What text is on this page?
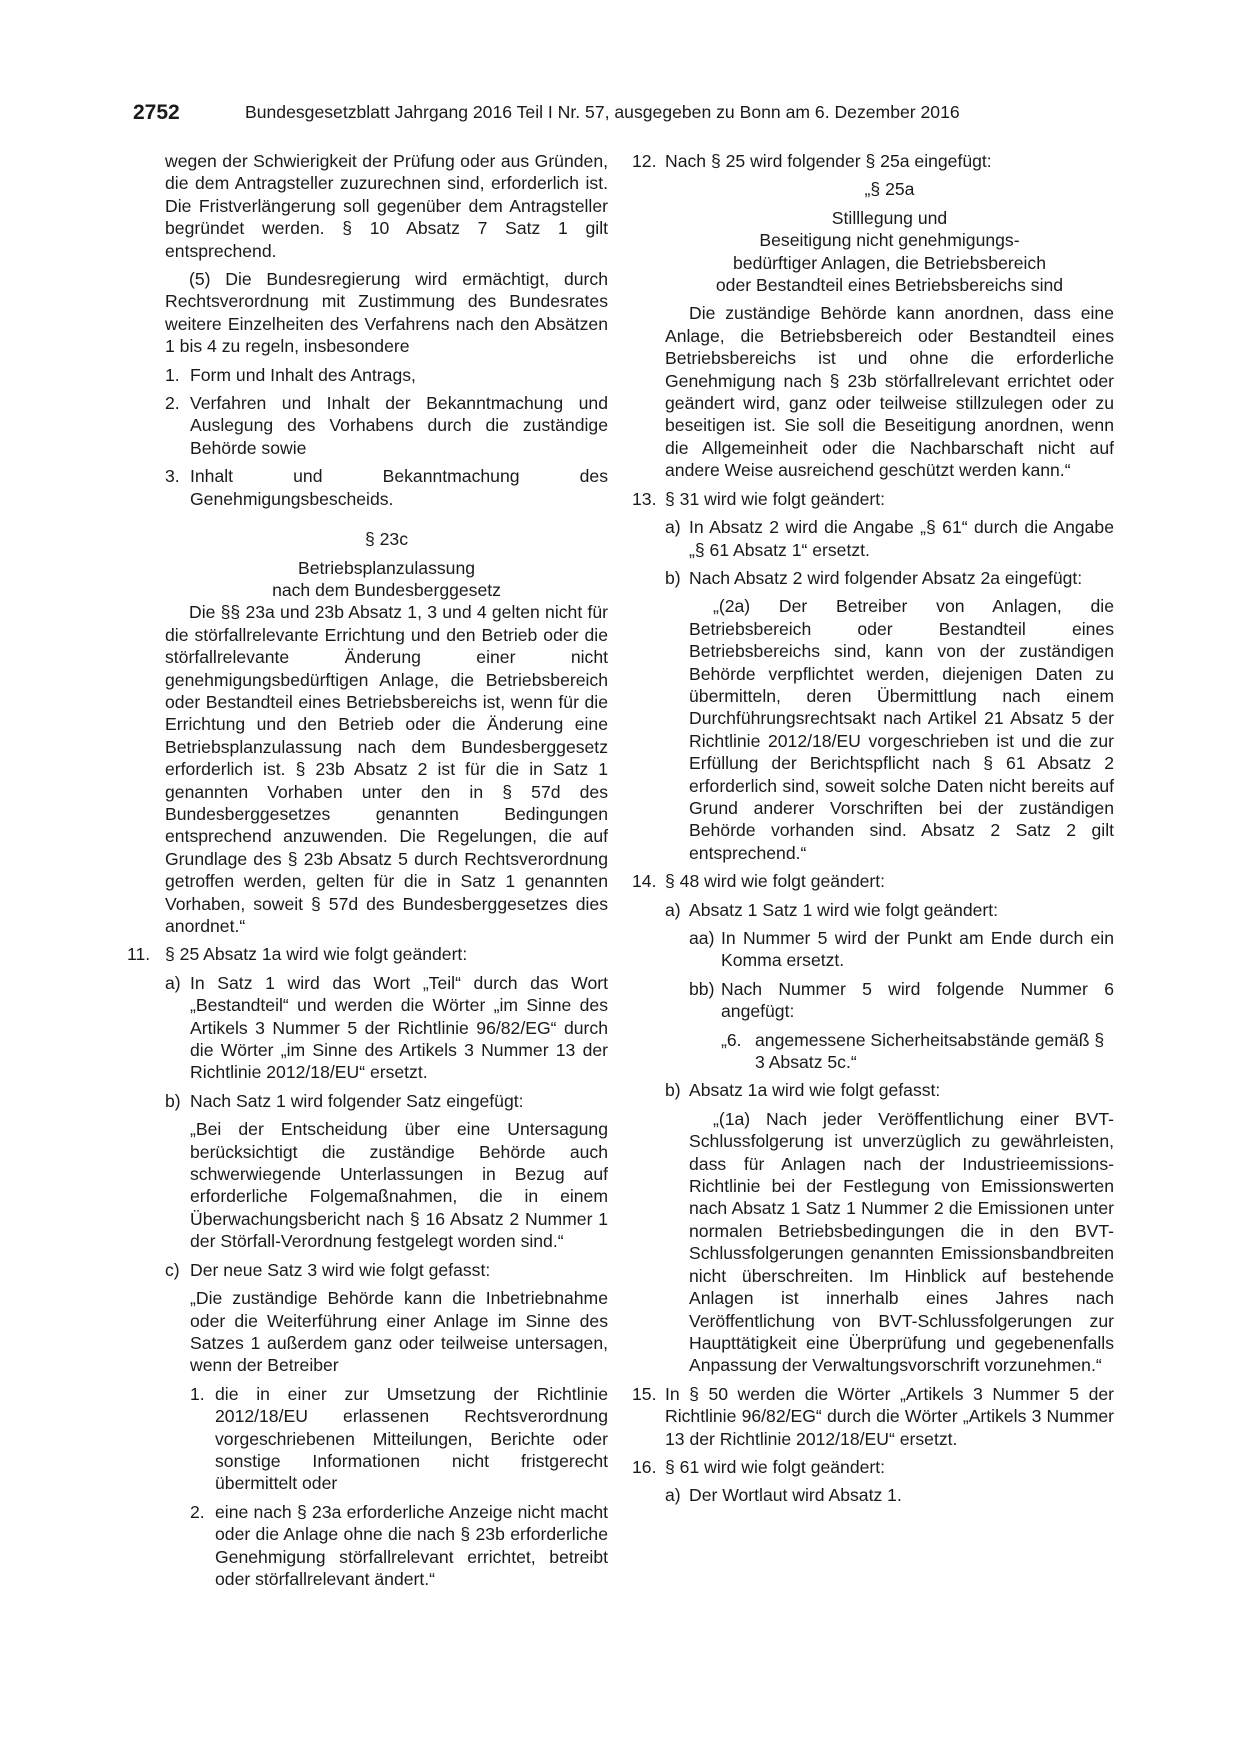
2752	Bundesgesetzblatt Jahrgang 2016 Teil I Nr. 57, ausgegeben zu Bonn am 6. Dezember 2016

wegen der Schwierigkeit der Prüfung oder aus Gründen, die dem Antragsteller zuzurechnen sind, erforderlich ist. Die Fristverlängerung soll gegenüber dem Antragsteller begründet werden. § 10 Absatz 7 Satz 1 gilt entsprechend.

(5) Die Bundesregierung wird ermächtigt, durch Rechtsverordnung mit Zustimmung des Bundesrates weitere Einzelheiten des Verfahrens nach den Absätzen 1 bis 4 zu regeln, insbesondere

1. Form und Inhalt des Antrags,

2. Verfahren und Inhalt der Bekanntmachung und Auslegung des Vorhabens durch die zuständige Behörde sowie

3. Inhalt und Bekanntmachung des Genehmigungsbescheids.

§ 23c

Betriebsplanzulassung

nach dem Bundesberggesetz

Die §§ 23a und 23b Absatz 1, 3 und 4 gelten nicht für die störfallrelevante Errichtung und den Betrieb oder die störfallrelevante Änderung einer nicht genehmigungsbedürftigen Anlage, die Betriebsbereich oder Bestandteil eines Betriebsbereichs ist, wenn für die Errichtung und den Betrieb oder die Änderung eine Betriebsplanzulassung nach dem Bundesberggesetz erforderlich ist. § 23b Absatz 2 ist für die in Satz 1 genannten Vorhaben unter den in § 57d des Bundesberggesetzes genannten Bedingungen entsprechend anzuwenden. Die Regelungen, die auf Grundlage des § 23b Absatz 5 durch Rechtsverordnung getroffen werden, gelten für die in Satz 1 genannten Vorhaben, soweit § 57d des Bundesberggesetzes dies anordnet.“

11. § 25 Absatz 1a wird wie folgt geändert:

a) In Satz 1 wird das Wort „Teil“ durch das Wort „Bestandteil“ und werden die Wörter „im Sinne des Artikels 3 Nummer 5 der Richtlinie 96/82/EG“ durch die Wörter „im Sinne des Artikels 3 Nummer 13 der Richtlinie 2012/18/EU“ ersetzt.

b) Nach Satz 1 wird folgender Satz eingefügt:

„Bei der Entscheidung über eine Untersagung berücksichtigt die zuständige Behörde auch schwerwiegende Unterlassungen in Bezug auf erforderliche Folgemaßnahmen, die in einem Überwachungsbericht nach § 16 Absatz 2 Nummer 1 der Störfall-Verordnung festgelegt worden sind.“

c) Der neue Satz 3 wird wie folgt gefasst:

„Die zuständige Behörde kann die Inbetriebnahme oder die Weiterführung einer Anlage im Sinne des Satzes 1 außerdem ganz oder teilweise untersagen, wenn der Betreiber

1. die in einer zur Umsetzung der Richtlinie 2012/18/EU erlassenen Rechtsverordnung vorgeschriebenen Mitteilungen, Berichte oder sonstige Informationen nicht fristgerecht übermittelt oder

2. eine nach § 23a erforderliche Anzeige nicht macht oder die Anlage ohne die nach § 23b erforderliche Genehmigung störfallrelevant errichtet, betreibt oder störfallrelevant ändert.“

12. Nach § 25 wird folgender § 25a eingefügt:

„§ 25a

Stilllegung und

Beseitigung nicht genehmigungs-

bedürftiger Anlagen, die Betriebsbereich

oder Bestandteil eines Betriebsbereichs sind

Die zuständige Behörde kann anordnen, dass eine Anlage, die Betriebsbereich oder Bestandteil eines Betriebsbereichs ist und ohne die erforderliche Genehmigung nach § 23b störfallrelevant errichtet oder geändert wird, ganz oder teilweise stillzulegen oder zu beseitigen ist. Sie soll die Beseitigung anordnen, wenn die Allgemeinheit oder die Nachbarschaft nicht auf andere Weise ausreichend geschützt werden kann.“

13. § 31 wird wie folgt geändert:

a) In Absatz 2 wird die Angabe „§ 61“ durch die Angabe „§ 61 Absatz 1“ ersetzt.

b) Nach Absatz 2 wird folgender Absatz 2a eingefügt:

„(2a) Der Betreiber von Anlagen, die Betriebsbereich oder Bestandteil eines Betriebsbereichs sind, kann von der zuständigen Behörde verpflichtet werden, diejenigen Daten zu übermitteln, deren Übermittlung nach einem Durchführungsrechtsakt nach Artikel 21 Absatz 5 der Richtlinie 2012/18/EU vorgeschrieben ist und die zur Erfüllung der Berichtspflicht nach § 61 Absatz 2 erforderlich sind, soweit solche Daten nicht bereits auf Grund anderer Vorschriften bei der zuständigen Behörde vorhanden sind. Absatz 2 Satz 2 gilt entsprechend.“

14. § 48 wird wie folgt geändert:

a) Absatz 1 Satz 1 wird wie folgt geändert:

aa) In Nummer 5 wird der Punkt am Ende durch ein Komma ersetzt.

bb) Nach Nummer 5 wird folgende Nummer 6 angefügt:

„6. angemessene Sicherheitsabstände gemäß § 3 Absatz 5c.“

b) Absatz 1a wird wie folgt gefasst:

„(1a) Nach jeder Veröffentlichung einer BVT-Schlussfolgerung ist unverzüglich zu gewährleisten, dass für Anlagen nach der Industrieemissions-Richtlinie bei der Festlegung von Emissionswerten nach Absatz 1 Satz 1 Nummer 2 die Emissionen unter normalen Betriebsbedingungen die in den BVT-Schlussfolgerungen genannten Emissionsbandbreiten nicht überschreiten. Im Hinblick auf bestehende Anlagen ist innerhalb eines Jahres nach Veröffentlichung von BVT-Schlussfolgerungen zur Haupttätigkeit eine Überprüfung und gegebenenfalls Anpassung der Verwaltungsvorschrift vorzunehmen.“

15. In § 50 werden die Wörter „Artikels 3 Nummer 5 der Richtlinie 96/82/EG“ durch die Wörter „Artikels 3 Nummer 13 der Richtlinie 2012/18/EU“ ersetzt.

16. § 61 wird wie folgt geändert:

a) Der Wortlaut wird Absatz 1.
